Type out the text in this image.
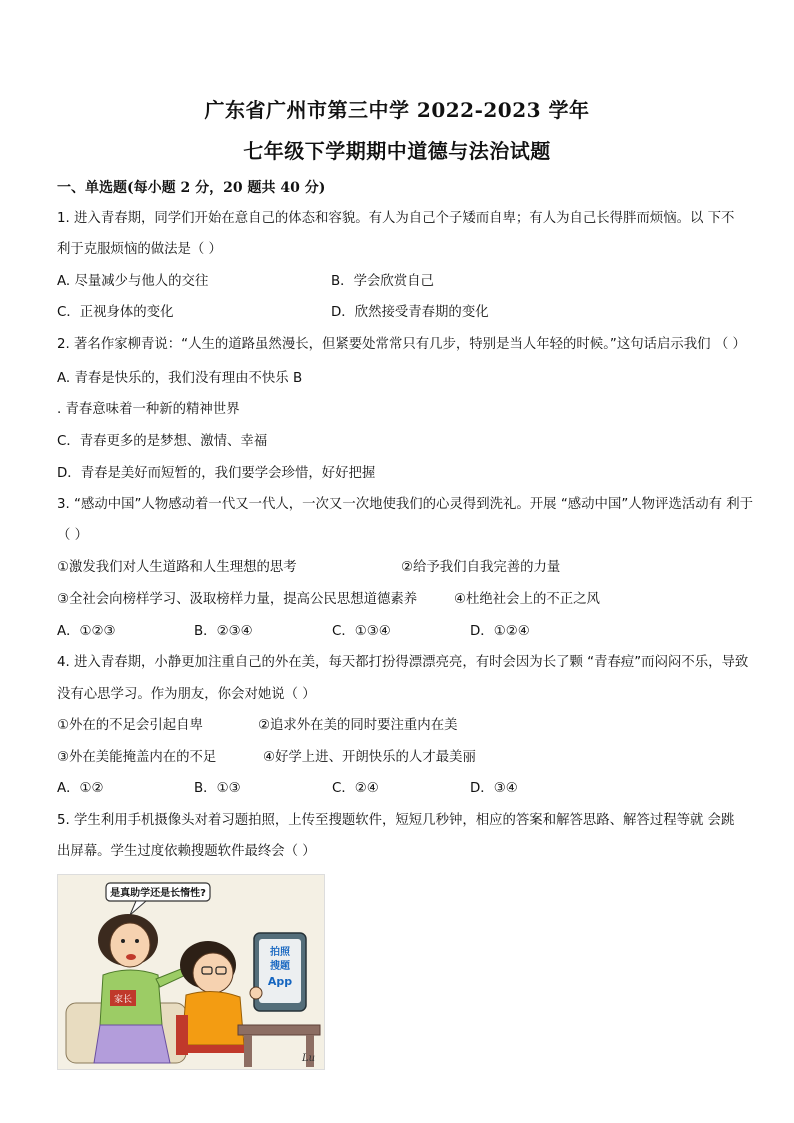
广东省广州市第三中学 2022-2023 学年
七年级下学期期中道德与法治试题
一、单选题(每小题 2 分，20 题共 40 分)
1. 进入青春期，同学们开始在意自己的体态和容貌。有人为自己个子矮而自卑；有人为自己长得胖而烦恼。以 下不
利于克服烦恼的做法是（ ）
A. 尽量减少与他人的交往	B．学会欣赏自己
C．正视身体的变化	D．欣然接受青春期的变化
2. 著名作家柳青说：“人生的道路虽然漫长，但紧要处常常只有几步，特别是当人年轻的时候。”这句话启示我们 （ ）
A. 青春是快乐的，我们没有理由不快乐 B
. 青春意味着一种新的精神世界
C．青春更多的是梦想、激情、幸福
D．青春是美好而短暂的，我们要学会珍惜，好好把握
3. “感动中国”人物感动着一代又一代人，一次又一次地使我们的心灵得到洗礼。开展 “感动中国”人物评选活动有 利于
（ ）
①激发我们对人生道路和人生理想的思考	②给予我们自我完善的力量
③全社会向榜样学习、汲取榜样力量，提高公民思想道德素养	④杜绝社会上的不正之风
A．①②③	B．②③④	C．①③④	D．①②④
4. 进入青春期，小静更加注重自己的外在美，每天都打扮得漂漂亮亮，有时会因为长了颗 “青春痘”而闷闷不乐，导致
没有心思学习。作为朋友，你会对她说（ ）
①外在的不足会引起自卑	②追求外在美的同时要注重内在美
③外在美能掩盖内在的不足	④好学上进、开朗快乐的人才最美丽
A．①②	B．①③	C．②④	D．③④
5. 学生利用手机摄像头对着习题拍照，上传至搜题软件，短短几秒钟，相应的答案和解答思路、解答过程等就 会跳
出屏幕。学生过度依赖搜题软件最终会（ ）
是真助学还是长惰性?
家长
拍照
搜题
App
Lu
